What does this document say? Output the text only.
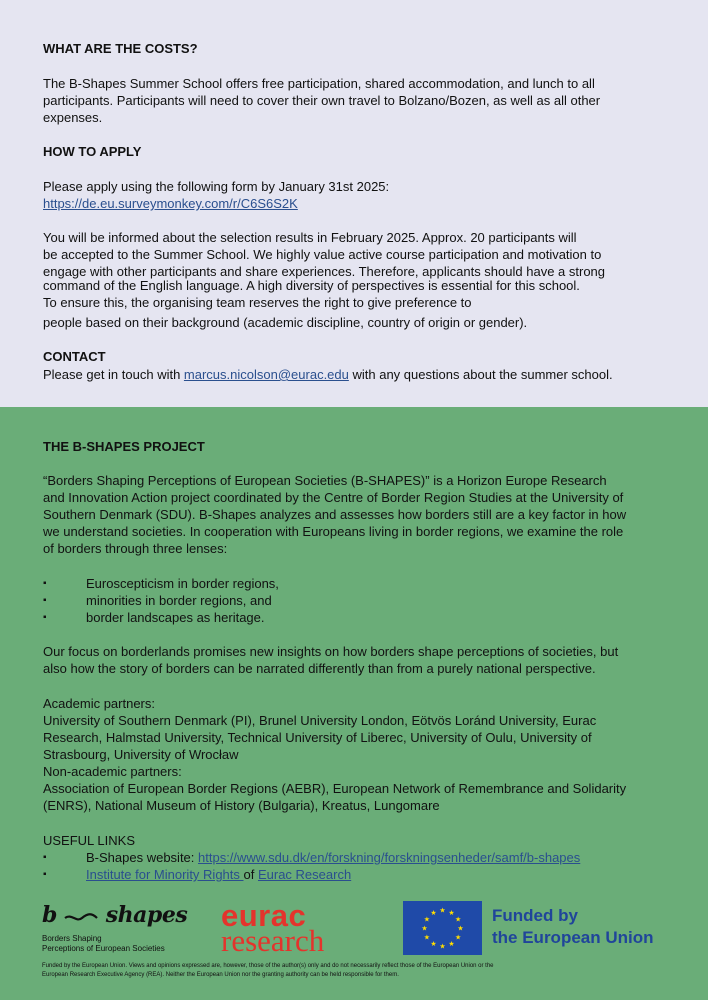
WHAT ARE THE COSTS?
The B-Shapes Summer School offers free participation, shared accommodation, and lunch to all
participants. Participants will need to cover their own travel to Bolzano/Bozen, as well as all other
expenses.
HOW TO APPLY
Please apply using the following form by January 31st 2025:
https://de.eu.surveymonkey.com/r/C6S6S2K
You will be informed about the selection results in February 2025. Approx. 20 participants will
be accepted to the Summer School. We highly value active course participation and motivation to
engage with other participants and share experiences. Therefore, applicants should have a strong
command of the English language. A high diversity of perspectives is essential for this school.
To ensure this, the organising team reserves the right to give preference to
people based on their background (academic discipline, country of origin or gender).
CONTACT
Please get in touch with marcus.nicolson@eurac.edu with any questions about the summer school.
THE B-SHAPES PROJECT
“Borders Shaping Perceptions of European Societies (B-SHAPES)” is a Horizon Europe Research
and Innovation Action project coordinated by the Centre of Border Region Studies at the University of
Southern Denmark (SDU). B-Shapes analyzes and assesses how borders still are a key factor in how
we understand societies. In cooperation with Europeans living in border regions, we examine the role
of borders through three lenses:
▪	Euroscepticism in border regions,
▪	minorities in border regions, and
▪	border landscapes as heritage.
Our focus on borderlands promises new insights on how borders shape perceptions of societies, but
also how the story of borders can be narrated differently than from a purely national perspective.
Academic partners:
University of Southern Denmark (PI), Brunel University London, Eötvös Loránd University, Eurac
Research, Halmstad University, Technical University of Liberec, University of Oulu, University of
Strasbourg, University of Wrocław
Non-academic partners:
Association of European Border Regions (AEBR), European Network of Remembrance and Solidarity
(ENRS), National Museum of History (Bulgaria), Kreatus, Lungomare
USEFUL LINKS
▪	B-Shapes website: https://www.sdu.dk/en/forskning/forskningsenheder/samf/b-shapes
▪	Institute for Minority Rights of Eurac Research
b shapes
Borders Shaping
Perceptions of European Societies
eurac
research
★ ★
★
★
★
★
★
★
★
★
★
★	Funded by
the European Union
Funded by the European Union. Views and opinions expressed are, however, those of the author(s) only and do not necessarily reflect those of the European Union or the
European Research Executive Agency (REA). Neither the European Union nor the granting authority can be held responsible for them.
